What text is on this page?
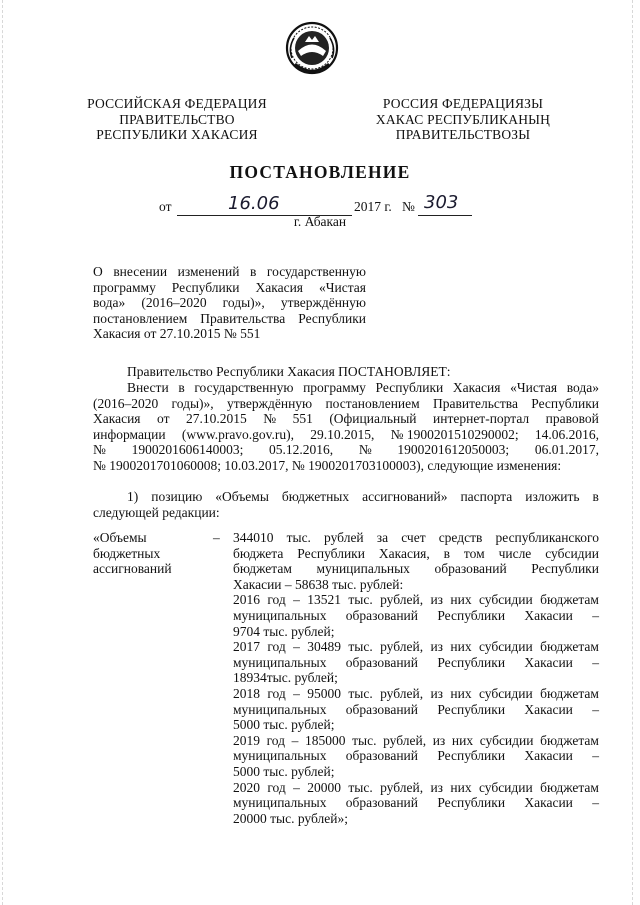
РОССИЙСКАЯ ФЕДЕРАЦИЯ
ПРАВИТЕЛЬСТВО
РЕСПУБЛИКИ ХАКАСИЯ
РОССИЯ ФЕДЕРАЦИЯЗЫ
ХАКАС РЕСПУБЛИКАНЫҢ
ПРАВИТЕЛЬСТВОЗЫ
ПОСТАНОВЛЕНИЕ
от	16.06	2017 г. № 303
г. Абакан
О внесении изменений в государственную
программу Республики Хакасия «Чистая
вода» (2016–2020 годы)», утверждённую
постановлением Правительства Республики
Хакасия от 27.10.2015 № 551
Правительство Республики Хакасия ПОСТАНОВЛЯЕТ:
Внести в государственную программу Республики Хакасия «Чистая вода»
(2016–2020 годы)», утверждённую постановлением Правительства Республики
Хакасия от 27.10.2015 № 551 (Официальный интернет-портал правовой
информации (www.pravo.gov.ru), 29.10.2015, № 1900201510290002; 14.06.2016,
№ 1900201606140003; 05.12.2016, № 1900201612050003; 06.01.2017,
№ 1900201701060008; 10.03.2017, № 1900201703100003), следующие изменения:
1) позицию «Объемы бюджетных ассигнований» паспорта изложить в
следующей редакции:
«Объемы
бюджетных
ассигнований
– 344010 тыс. рублей за счет средств республиканского
бюджета Республики Хакасия, в том числе субсидии
бюджетам муниципальных образований Республики
Хакасии – 58638 тыс. рублей:
2016 год – 13521 тыс. рублей, из них субсидии бюджетам
муниципальных образований Республики Хакасии –
9704 тыс. рублей;
2017 год – 30489 тыс. рублей, из них субсидии бюджетам
муниципальных образований Республики Хакасии –
18934тыс. рублей;
2018 год – 95000 тыс. рублей, из них субсидии бюджетам
муниципальных образований Республики Хакасии –
5000 тыс. рублей;
2019 год – 185000 тыс. рублей, из них субсидии бюджетам
муниципальных образований Республики Хакасии –
5000 тыс. рублей;
2020 год – 20000 тыс. рублей, из них субсидии бюджетам
муниципальных образований Республики Хакасии –
20000 тыс. рублей»;
